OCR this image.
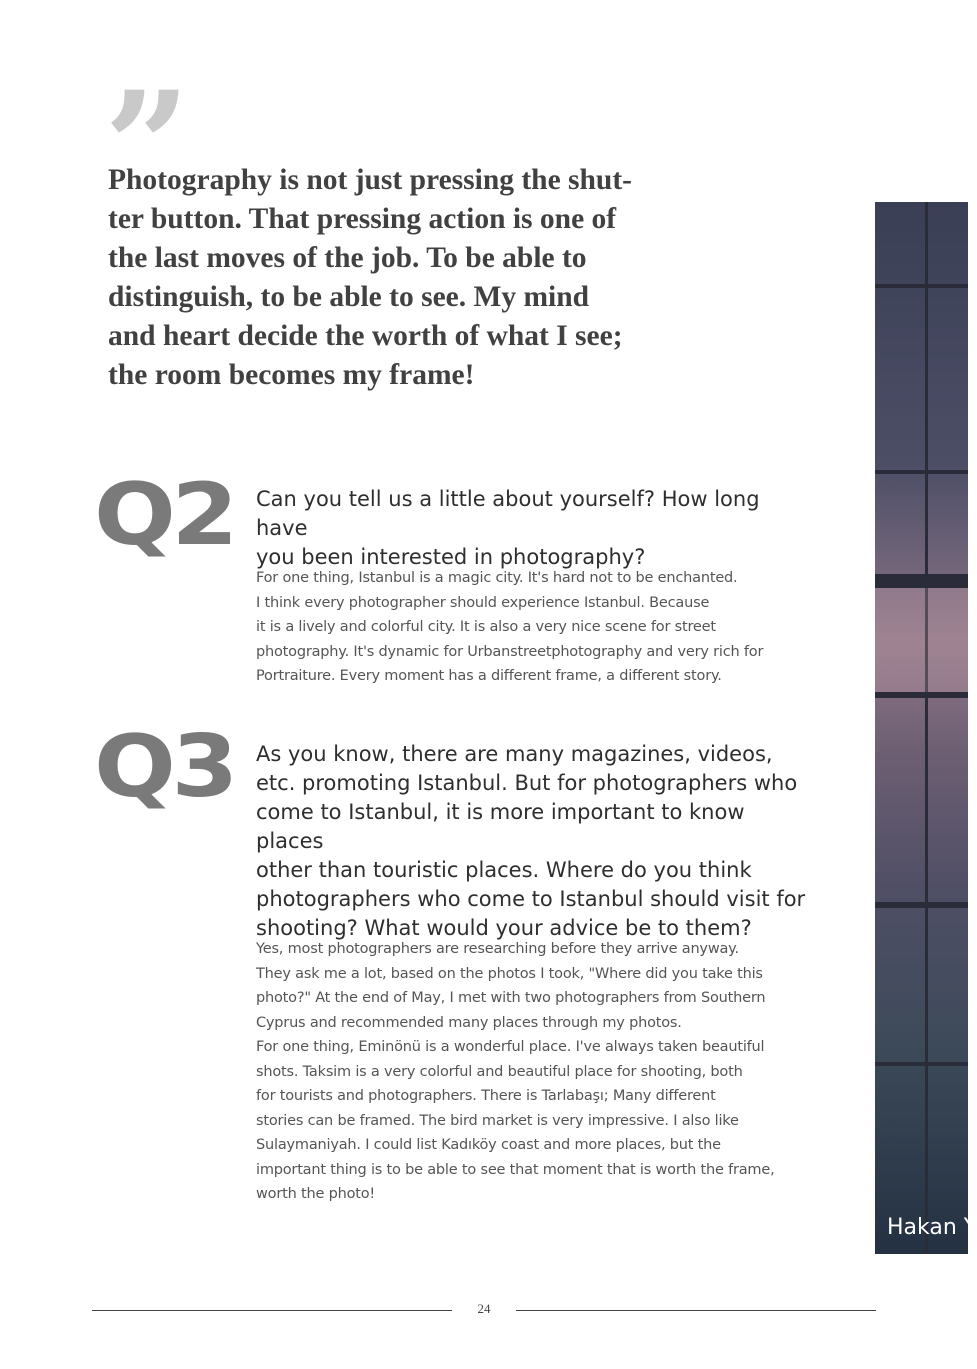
”

Photography is not just pressing the shut-
ter button. That pressing action is one of
the last moves of the job. To be able to
distinguish, to be able to see. My mind
and heart decide the worth of what I see;
the room becomes my frame!

Q2 Can you tell us a little about yourself? How long have
you been interested in photography?

For one thing, Istanbul is a magic city. It's hard not to be enchanted.
I think every photographer should experience Istanbul. Because
it is a lively and colorful city. It is also a very nice scene for street
photography. It's dynamic for Urbanstreetphotography and very rich for
Portraiture. Every moment has a different frame, a different story.

Q3 As you know, there are many magazines, videos,
etc. promoting Istanbul. But for photographers who
come to Istanbul, it is more important to know places
other than touristic places. Where do you think
photographers who come to Istanbul should visit for
shooting? What would your advice be to them?

Yes, most photographers are researching before they arrive anyway.
They ask me a lot, based on the photos I took, "Where did you take this
photo?" At the end of May, I met with two photographers from Southern
Cyprus and recommended many places through my photos.
For one thing, Eminönü is a wonderful place. I've always taken beautiful
shots. Taksim is a very colorful and beautiful place for shooting, both
for tourists and photographers. There is Tarlabaşı; Many different
stories can be framed. The bird market is very impressive. I also like
Sulaymaniyah. I could list Kadıköy coast and more places, but the
important thing is to be able to see that moment that is worth the frame,
worth the photo!

Hakan Y
24
